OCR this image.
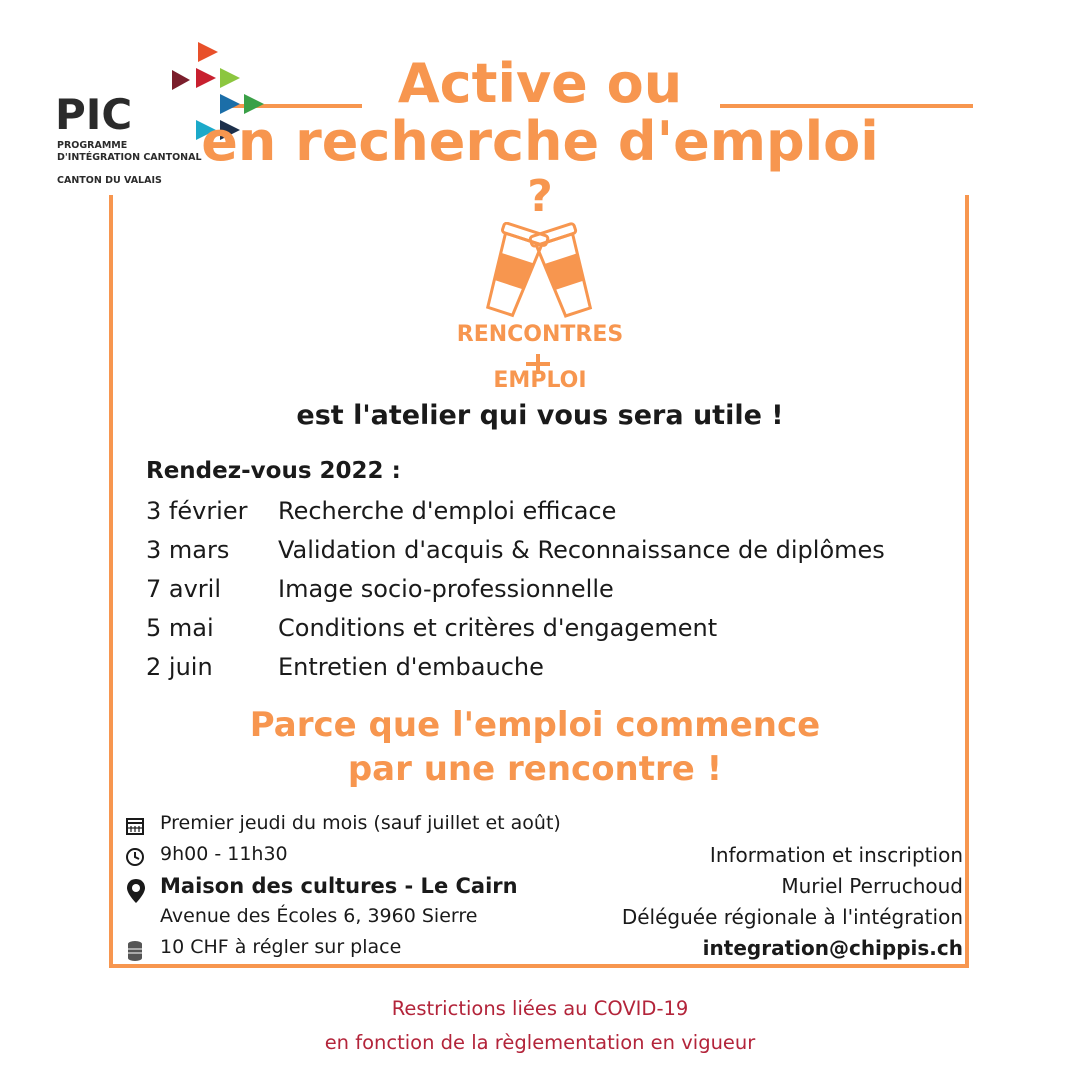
PIC
PROGRAMME
D'INTÉGRATION CANTONAL
CANTON DU VALAIS
Active ou
en recherche d'emploi
?
RENCONTRES
EMPLOI
est l'atelier qui vous sera utile !
Rendez-vous 2022 :
3 février Recherche d'emploi efficace
3 mars Validation d'acquis & Reconnaissance de diplômes
7 avril Image socio-professionnelle
5 mai	Conditions et critères d'engagement
2 juin	Entretien d'embauche
Parce que l'emploi commence
par une rencontre !
Premier jeudi du mois (sauf juillet et août)
9h00 - 11h30
Maison des cultures - Le Cairn
Avenue des Écoles 6, 3960 Sierre
10 CHF à régler sur place
Information et inscription
Muriel Perruchoud
Déléguée régionale à l'intégration
integration@chippis.ch
Restrictions liées au COVID-19
en fonction de la règlementation en vigueur
